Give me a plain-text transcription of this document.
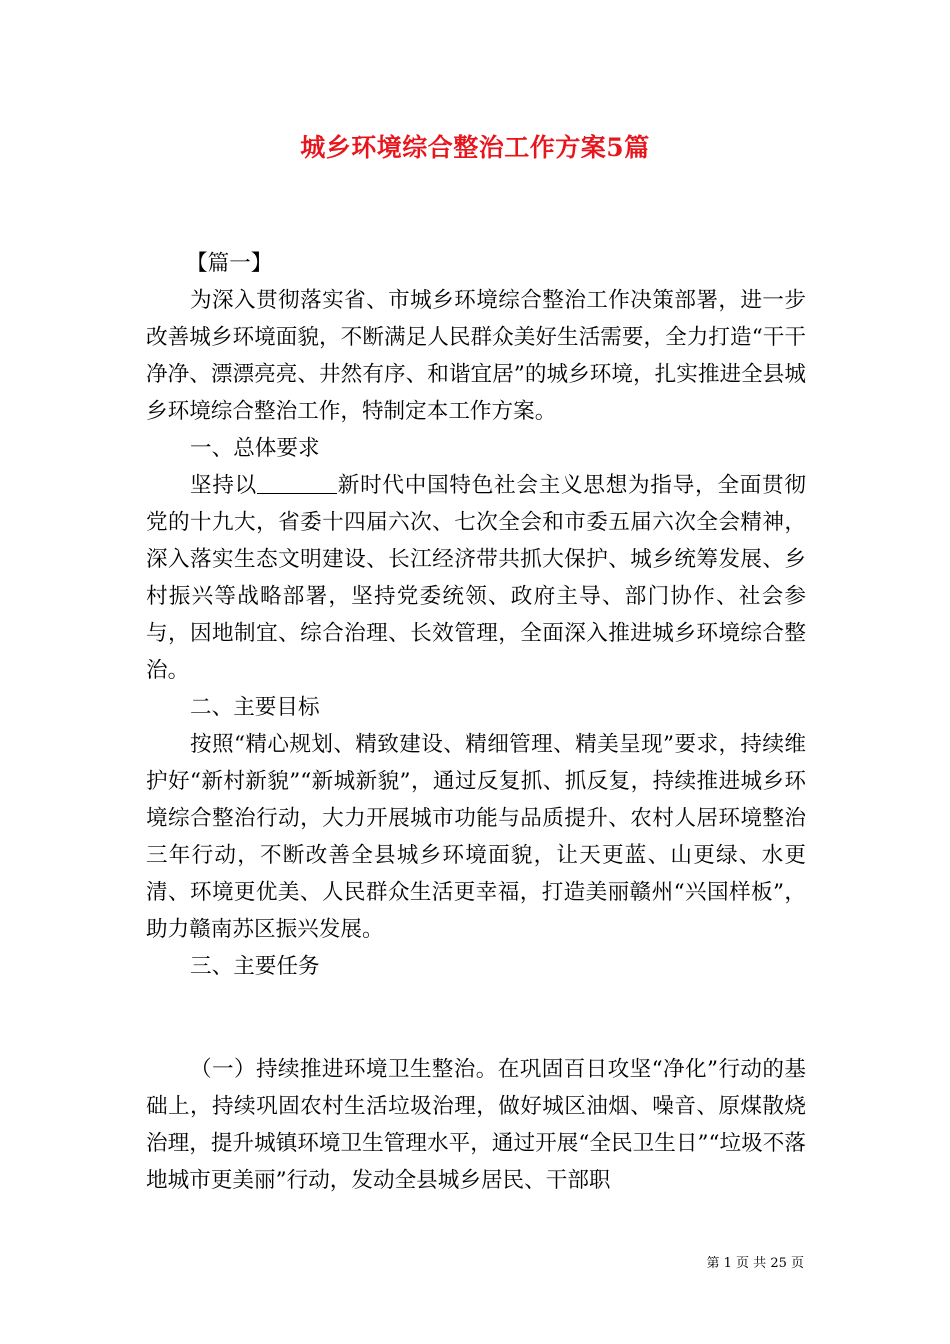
城乡环境综合整治工作方案5篇

【篇一】

为深入贯彻落实省、市城乡环境综合整治工作决策部署，进一步改善城乡环境面貌，不断满足人民群众美好生活需要，全力打造“干干净净、漂漂亮亮、井然有序、和谐宜居”的城乡环境，扎实推进全县城乡环境综合整治工作，特制定本工作方案。

一、总体要求

坚持以	新时代中国特色社会主义思想为指导，全面贯彻党的十九大，省委十四届六次、七次全会和市委五届六次全会精神，深入落实生态文明建设、长江经济带共抓大保护、城乡统筹发展、乡村振兴等战略部署，坚持党委统领、政府主导、部门协作、社会参与，因地制宜、综合治理、长效管理，全面深入推进城乡环境综合整治。

二、主要目标

按照“精心规划、精致建设、精细管理、精美呈现”要求，持续维护好“新村新貌”“新城新貌”，通过反复抓、抓反复，持续推进城乡环境综合整治行动，大力开展城市功能与品质提升、农村人居环境整治三年行动，不断改善全县城乡环境面貌，让天更蓝、山更绿、水更清、环境更优美、人民群众生活更幸福，打造美丽赣州“兴国样板”，助力赣南苏区振兴发展。

三、主要任务

（一）持续推进环境卫生整治。在巩固百日攻坚“净化”行动的基础上，持续巩固农村生活垃圾治理，做好城区油烟、噪音、原煤散烧治理，提升城镇环境卫生管理水平，通过开展“全民卫生日”“垃圾不落地城市更美丽”行动，发动全县城乡居民、干部职

第 1 页 共 25 页
